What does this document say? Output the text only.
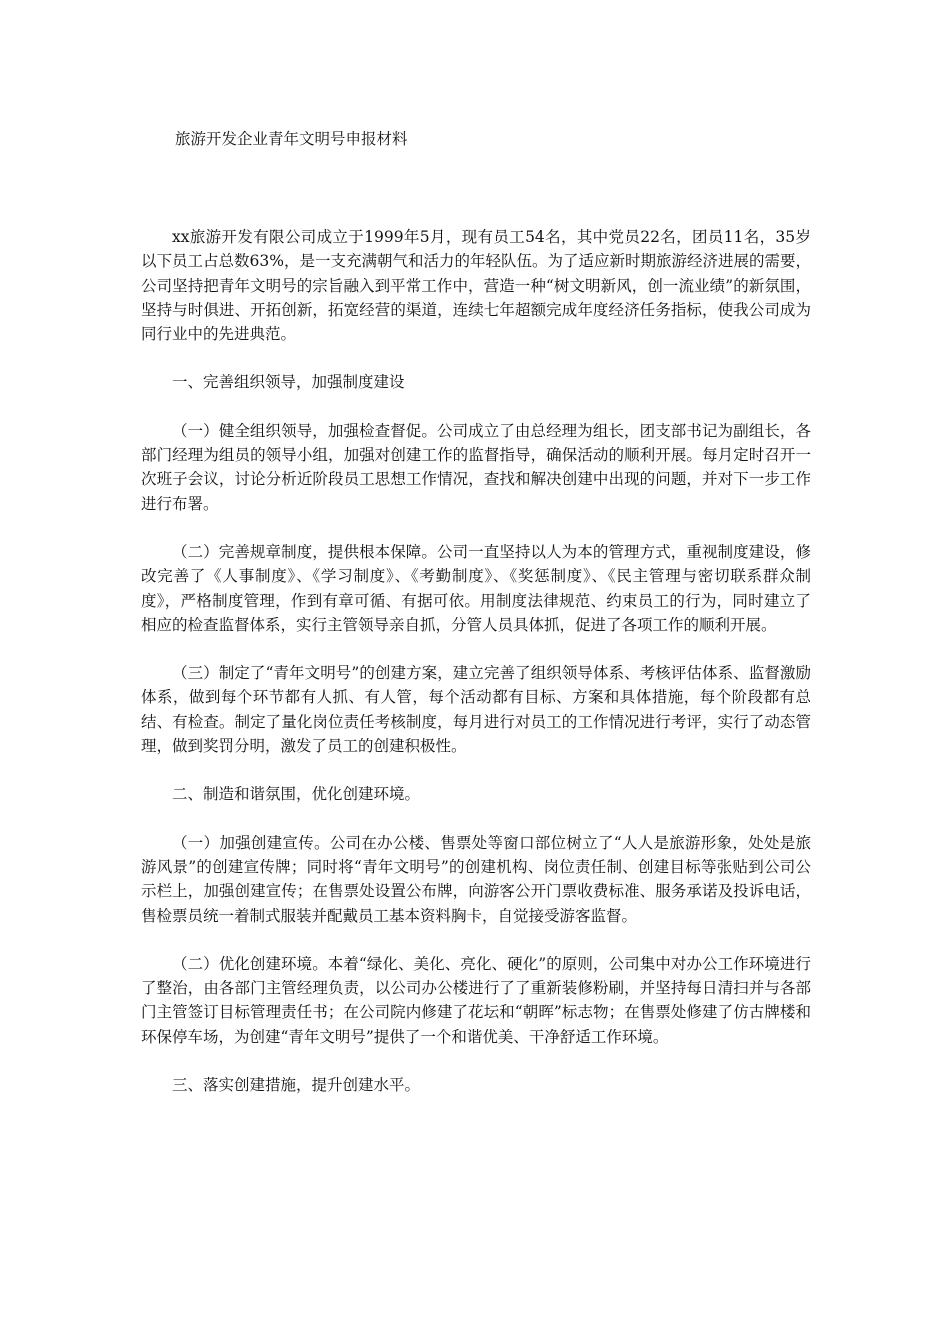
旅游开发企业青年文明号申报材料

xx旅游开发有限公司成立于1999年5月，现有员工54名，其中党员22名，团员11名，35岁以下员工占总数63%，是一支充满朝气和活力的年轻队伍。为了适应新时期旅游经济进展的需要，公司坚持把青年文明号的宗旨融入到平常工作中，营造一种“树文明新风，创一流业绩”的新氛围，坚持与时俱进、开拓创新，拓宽经营的渠道，连续七年超额完成年度经济任务指标，使我公司成为同行业中的先进典范。

一、完善组织领导，加强制度建设

（一）健全组织领导，加强检查督促。公司成立了由总经理为组长，团支部书记为副组长，各部门经理为组员的领导小组，加强对创建工作的监督指导，确保活动的顺利开展。每月定时召开一次班子会议，讨论分析近阶段员工思想工作情况，查找和解决创建中出现的问题，并对下一步工作进行布署。

（二）完善规章制度，提供根本保障。公司一直坚持以人为本的管理方式，重视制度建设，修改完善了《人事制度》、《学习制度》、《考勤制度》、《奖惩制度》、《民主管理与密切联系群众制度》，严格制度管理，作到有章可循、有据可依。用制度法律规范、约束员工的行为，同时建立了相应的检查监督体系，实行主管领导亲自抓，分管人员具体抓，促进了各项工作的顺利开展。

（三）制定了“青年文明号”的创建方案，建立完善了组织领导体系、考核评估体系、监督激励体系，做到每个环节都有人抓、有人管，每个活动都有目标、方案和具体措施，每个阶段都有总结、有检查。制定了量化岗位责任考核制度，每月进行对员工的工作情况进行考评，实行了动态管理，做到奖罚分明，激发了员工的创建积极性。

二、制造和谐氛围，优化创建环境。

（一）加强创建宣传。公司在办公楼、售票处等窗口部位树立了“人人是旅游形象，处处是旅游风景”的创建宣传牌；同时将“青年文明号”的创建机构、岗位责任制、创建目标等张贴到公司公示栏上，加强创建宣传；在售票处设置公布牌，向游客公开门票收费标准、服务承诺及投诉电话，售检票员统一着制式服装并配戴员工基本资料胸卡，自觉接受游客监督。

（二）优化创建环境。本着“绿化、美化、亮化、硬化”的原则，公司集中对办公工作环境进行了整治，由各部门主管经理负责，以公司办公楼进行了了重新装修粉刷，并坚持每日清扫并与各部门主管签订目标管理责任书；在公司院内修建了花坛和“朝晖”标志物；在售票处修建了仿古牌楼和环保停车场，为创建“青年文明号”提供了一个和谐优美、干净舒适工作环境。

三、落实创建措施，提升创建水平。
